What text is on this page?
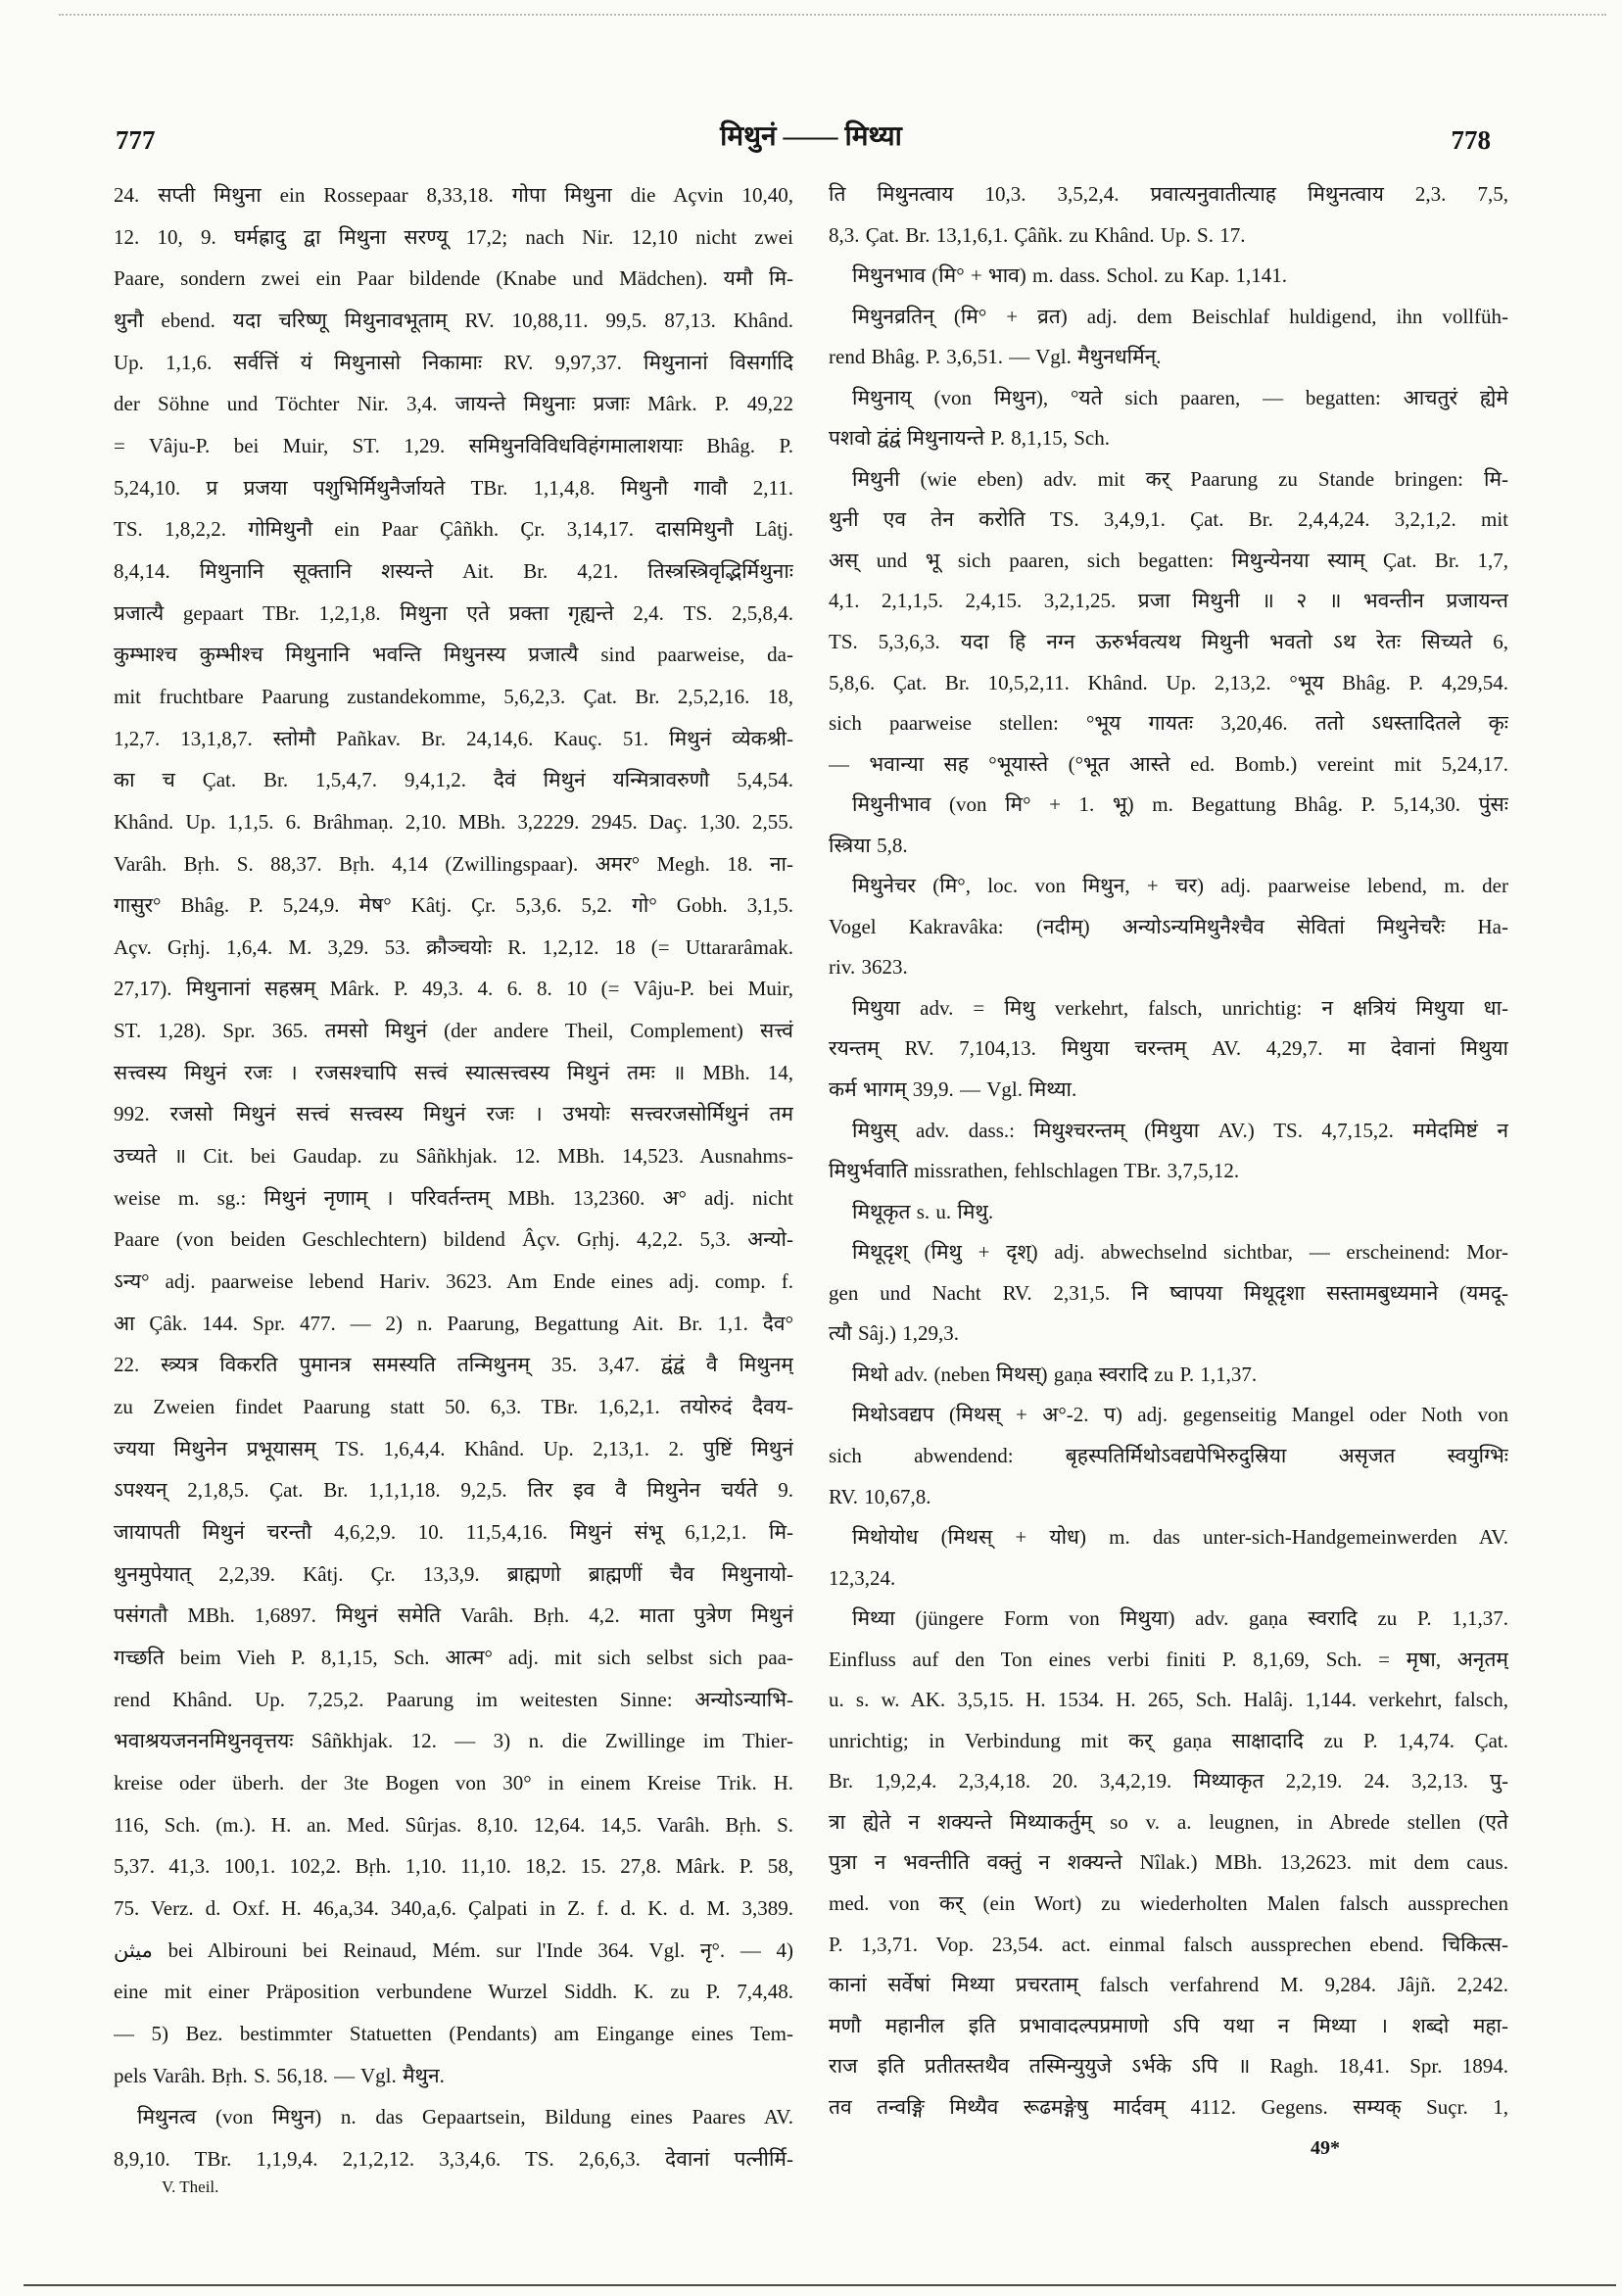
777	मिथुनं —— मिथ्या	778
24. सप्ती मिथुना ein Rossepaar 8,33,18. गोपा मिथुना die Açvin 10,40,
12. 10, 9. घर्मह्रादु द्वा मिथुना सरण्यू 17,2; nach Nir. 12,10 nicht zwei
Paare, sondern zwei ein Paar bildende (Knabe und Mädchen). यमौ मि-
थुनौ ebend. यदा चरिष्णू मिथुनावभूताम् RV. 10,88,11. 99,5. 87,13. Khând.
Up. 1,1,6. सर्वत्तिं यं मिथुनासो निकामाः RV. 9,97,37. मिथुनानां विसर्गादि
der Söhne und Töchter Nir. 3,4. जायन्ते मिथुनाः प्रजाः Mârk. P. 49,22
= Vâju-P. bei Muir, ST. 1,29. समिथुनविविधविहंगमालाशयाः Bhâg. P.
5,24,10. प्र प्रजया पशुभिर्मिथुनैर्जायते TBr. 1,1,4,8. मिथुनौ गावौ 2,11.
TS. 1,8,2,2. गोमिथुनौ ein Paar Çâñkh. Çr. 3,14,17. दासमिथुनौ Lâṭj.
8,4,14. मिथुनानि सूक्तानि शस्यन्ते Ait. Br. 4,21. तिस्त्रस्त्रिवृद्भिर्मिथुनाः
प्रजात्यै gepaart TBr. 1,2,1,8. मिथुना एते प्रक्ता गृह्यन्ते 2,4. TS. 2,5,8,4.
कुम्भाश्च कुम्भीश्च मिथुनानि भवन्ति मिथुनस्य प्रजात्यै sind paarweise, da-
mit fruchtbare Paarung zustandekomme, 5,6,2,3. Çat. Br. 2,5,2,16. 18,
1,2,7. 13,1,8,7. स्तोमौ Pañkav. Br. 24,14,6. Kauç. 51. मिथुनं व्येकश्री-
का च Çat. Br. 1,5,4,7. 9,4,1,2. दैवं मिथुनं यन्मित्रावरुणौ 5,4,54.
Khând. Up. 1,1,5. 6. Brâhmaṇ. 2,10. MBh. 3,2229. 2945. Daç. 1,30. 2,55.
Varâh. Bṛh. S. 88,37. Bṛh. 4,14 (Zwillingspaar). अमर° Megh. 18. ना-
गासुर° Bhâg. P. 5,24,9. मेष° Kâtj. Çr. 5,3,6. 5,2. गो° Gobh. 3,1,5.
Açv. Gṛhj. 1,6,4. M. 3,29. 53. क्रौञ्चयोः R. 1,2,12. 18 (= Uttararâmak.
27,17). मिथुनानां सहस्रम् Mârk. P. 49,3. 4. 6. 8. 10 (= Vâju-P. bei Muir,
ST. 1,28). Spr. 365. तमसो मिथुनं (der andere Theil, Complement) सत्त्वं
सत्त्वस्य मिथुनं रजः । रजसश्चापि सत्त्वं स्यात्सत्त्वस्य मिथुनं तमः ॥ MBh. 14,
992. रजसो मिथुनं सत्त्वं सत्त्वस्य मिथुनं रजः । उभयोः सत्त्वरजसोर्मिथुनं तम
उच्यते ॥ Cit. bei Gaudap. zu Sâñkhjak. 12. MBh. 14,523. Ausnahms-
weise m. sg.: मिथुनं नृणाम् । परिवर्तन्तम् MBh. 13,2360. अ° adj. nicht
Paare (von beiden Geschlechtern) bildend Âçv. Gṛhj. 4,2,2. 5,3. अन्यो-
ऽन्य° adj. paarweise lebend Hariv. 3623. Am Ende eines adj. comp. f.
आ Çâk. 144. Spr. 477. — 2) n. Paarung, Begattung Ait. Br. 1,1. दैव°
22. स्त्र्यत्र विकरति पुमानत्र समस्यति तन्मिथुनम् 35. 3,47. द्वंद्वं वै मिथुनम्
zu Zweien findet Paarung statt 50. 6,3. TBr. 1,6,2,1. तयोरुदं दैवय-
ज्यया मिथुनेन प्रभूयासम् TS. 1,6,4,4. Khând. Up. 2,13,1. 2. पुष्टिं मिथुनं
ऽपश्यन् 2,1,8,5. Çat. Br. 1,1,1,18. 9,2,5. तिर इव वै मिथुनेन चर्यते 9.
जायापती मिथुनं चरन्तौ 4,6,2,9. 10. 11,5,4,16. मिथुनं संभू 6,1,2,1. मि-
थुनमुपेयात् 2,2,39. Kâtj. Çr. 13,3,9. ब्राह्मणो ब्राह्मणीं चैव मिथुनायो-
पसंगतौ MBh. 1,6897. मिथुनं समेति Varâh. Bṛh. 4,2. माता पुत्रेण मिथुनं
गच्छति beim Vieh P. 8,1,15, Sch. आत्म° adj. mit sich selbst sich paa-
rend Khând. Up. 7,25,2. Paarung im weitesten Sinne: अन्योऽन्याभि-
भवाश्रयजननमिथुनवृत्तयः Sâñkhjak. 12. — 3) n. die Zwillinge im Thier-
kreise oder überh. der 3te Bogen von 30° in einem Kreise Trik. H.
116, Sch. (m.). H. an. Med. Sûrjas. 8,10. 12,64. 14,5. Varâh. Bṛh. S.
5,37. 41,3. 100,1. 102,2. Bṛh. 1,10. 11,10. 18,2. 15. 27,8. Mârk. P. 58,
75. Verz. d. Oxf. H. 46,a,34. 340,a,6. Çalpati in Z. f. d. K. d. M. 3,389.
ميثن bei Albirouni bei Reinaud, Mém. sur l'Inde 364. Vgl. नृ°. — 4)
eine mit einer Präposition verbundene Wurzel Siddh. K. zu P. 7,4,48.
— 5) Bez. bestimmter Statuetten (Pendants) am Eingange eines Tem-
pels Varâh. Bṛh. S. 56,18. — Vgl. मैथुन.
मिथुनत्व (von मिथुन) n. das Gepaartsein, Bildung eines Paares AV.
8,9,10. TBr. 1,1,9,4. 2,1,2,12. 3,3,4,6. TS. 2,6,6,3. देवानां पत्नीर्मि-
ति मिथुनत्वाय 10,3. 3,5,2,4. प्रवात्यनुवातीत्याह मिथुनत्वाय 2,3. 7,5,
8,3. Çat. Br. 13,1,6,1. Çâñk. zu Khând. Up. S. 17.
मिथुनभाव (मि° + भाव) m. dass. Schol. zu Kap. 1,141.
मिथुनव्रतिन् (मि° + व्रत) adj. dem Beischlaf huldigend, ihn vollfüh-
rend Bhâg. P. 3,6,51. — Vgl. मैथुनधर्मिन्.
मिथुनाय् (von मिथुन), °यते sich paaren, — begatten: आचतुरं ह्येमे
पशवो द्वंद्वं मिथुनायन्ते P. 8,1,15, Sch.
मिथुनी (wie eben) adv. mit कर् Paarung zu Stande bringen: मि-
थुनी एव तेन करोति TS. 3,4,9,1. Çat. Br. 2,4,4,24. 3,2,1,2. mit
अस् und भू sich paaren, sich begatten: मिथुन्येनया स्याम् Çat. Br. 1,7,
4,1. 2,1,1,5. 2,4,15. 3,2,1,25. प्रजा मिथुनी ॥ २ ॥ भवन्तीन प्रजायन्त
TS. 5,3,6,3. यदा हि नग्न ऊरुर्भवत्यथ मिथुनी भवतो ऽथ रेतः सिच्यते 6,
5,8,6. Çat. Br. 10,5,2,11. Khând. Up. 2,13,2. °भूय Bhâg. P. 4,29,54.
sich paarweise stellen: °भूय गायतः 3,20,46. ततो ऽधस्तादितले कृः
— भवान्या सह °भूयास्ते (°भूत आस्ते ed. Bomb.) vereint mit 5,24,17.
मिथुनीभाव (von मि° + 1. भू) m. Begattung Bhâg. P. 5,14,30. पुंसः
स्त्रिया 5,8.
मिथुनेचर (मि°, loc. von मिथुन, + चर) adj. paarweise lebend, m. der
Vogel Kakravâka: (नदीम्) अन्योऽन्यमिथुनैश्चैव सेवितां मिथुनेचरैः Ha-
riv. 3623.
मिथुया adv. = मिथु verkehrt, falsch, unrichtig: न क्षत्रियं मिथुया धा-
रयन्तम् RV. 7,104,13. मिथुया चरन्तम् AV. 4,29,7. मा देवानां मिथुया
कर्म भागम् 39,9. — Vgl. मिथ्या.
मिथुस् adv. dass.: मिथुश्चरन्तम् (मिथुया AV.) TS. 4,7,15,2. ममेदमिष्टं न
मिथुर्भवाति missrathen, fehlschlagen TBr. 3,7,5,12.
मिथूकृत s. u. मिथु.
मिथूदृश् (मिथु + दृश्) adj. abwechselnd sichtbar, — erscheinend: Mor-
gen und Nacht RV. 2,31,5. नि ष्वापया मिथूदृशा सस्तामबुध्यमाने (यमदू-
त्यौ Sâj.) 1,29,3.
मिथो adv. (neben मिथस्) gaṇa स्वरादि zu P. 1,1,37.
मिथोऽवद्यप (मिथस् + अ°-2. प) adj. gegenseitig Mangel oder Noth von
sich abwendend: बृहस्पतिर्मिथोऽवद्यपेभिरुदुस्रिया असृजत स्वयुग्भिः
RV. 10,67,8.
मिथोयोध (मिथस् + योध) m. das unter-sich-Handgemeinwerden AV.
12,3,24.
मिथ्या (jüngere Form von मिथुया) adv. gaṇa स्वरादि zu P. 1,1,37.
Einfluss auf den Ton eines verbi finiti P. 8,1,69, Sch. = मृषा, अनृतम्
u. s. w. AK. 3,5,15. H. 1534. H. 265, Sch. Halâj. 1,144. verkehrt, falsch,
unrichtig; in Verbindung mit कर् gaṇa साक्षादादि zu P. 1,4,74. Çat.
Br. 1,9,2,4. 2,3,4,18. 20. 3,4,2,19. मिथ्याकृत 2,2,19. 24. 3,2,13. पु-
त्रा ह्येते न शक्यन्ते मिथ्याकर्तुम् so v. a. leugnen, in Abrede stellen (एते
पुत्रा न भवन्तीति वक्तुं न शक्यन्ते Nîlak.) MBh. 13,2623. mit dem caus.
med. von कर् (ein Wort) zu wiederholten Malen falsch aussprechen
P. 1,3,71. Vop. 23,54. act. einmal falsch aussprechen ebend. चिकित्स-
कानां सर्वेषां मिथ्या प्रचरताम् falsch verfahrend M. 9,284. Jâjñ. 2,242.
मणौ महानील इति प्रभावादल्पप्रमाणो ऽपि यथा न मिथ्या । शब्दो महा-
राज इति प्रतीतस्तथैव तस्मिन्युयुजे ऽर्भके ऽपि ॥ Ragh. 18,41. Spr. 1894.
तव तन्वङ्गि मिथ्यैव रूढमङ्गेषु मार्दवम् 4112. Gegens. सम्यक् Suçr. 1,
V. Theil.
49*
